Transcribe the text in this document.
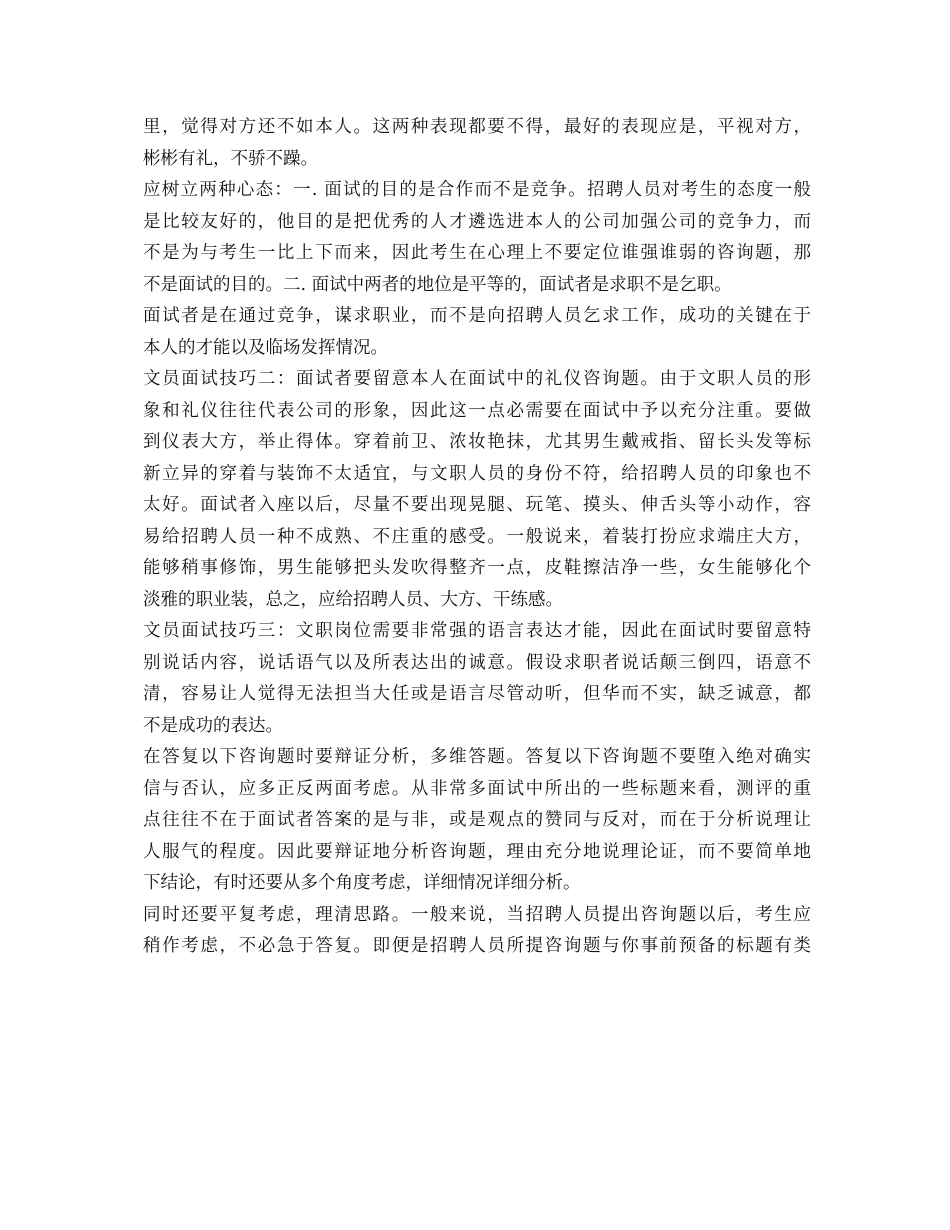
里，觉得对方还不如本人。这两种表现都要不得，最好的表现应是，平视对方，
彬彬有礼，不骄不躁。
应树立两种心态：一. 面试的目的是合作而不是竞争。招聘人员对考生的态度一般
是比较友好的，他目的是把优秀的人才遴选进本人的公司加强公司的竞争力，而
不是为与考生一比上下而来，因此考生在心理上不要定位谁强谁弱的咨询题，那
不是面试的目的。二. 面试中两者的地位是平等的，面试者是求职不是乞职。
面试者是在通过竞争，谋求职业，而不是向招聘人员乞求工作，成功的关键在于
本人的才能以及临场发挥情况。
文员面试技巧二：面试者要留意本人在面试中的礼仪咨询题。由于文职人员的形
象和礼仪往往代表公司的形象，因此这一点必需要在面试中予以充分注重。要做
到仪表大方，举止得体。穿着前卫、浓妆艳抹，尤其男生戴戒指、留长头发等标
新立异的穿着与装饰不太适宜，与文职人员的身份不符，给招聘人员的印象也不
太好。面试者入座以后，尽量不要出现晃腿、玩笔、摸头、伸舌头等小动作，容
易给招聘人员一种不成熟、不庄重的感受。一般说来，着装打扮应求端庄大方，
能够稍事修饰，男生能够把头发吹得整齐一点，皮鞋擦洁净一些，女生能够化个
淡雅的职业装，总之，应给招聘人员、大方、干练感。
文员面试技巧三：文职岗位需要非常强的语言表达才能，因此在面试时要留意特
别说话内容，说话语气以及所表达出的诚意。假设求职者说话颠三倒四，语意不
清，容易让人觉得无法担当大任或是语言尽管动听，但华而不实，缺乏诚意，都
不是成功的表达。
在答复以下咨询题时要辩证分析，多维答题。答复以下咨询题不要堕入绝对确实
信与否认，应多正反两面考虑。从非常多面试中所出的一些标题来看，测评的重
点往往不在于面试者答案的是与非，或是观点的赞同与反对，而在于分析说理让
人服气的程度。因此要辩证地分析咨询题，理由充分地说理论证，而不要简单地
下结论，有时还要从多个角度考虑，详细情况详细分析。
同时还要平复考虑，理清思路。一般来说，当招聘人员提出咨询题以后，考生应
稍作考虑，不必急于答复。即便是招聘人员所提咨询题与你事前预备的标题有类
